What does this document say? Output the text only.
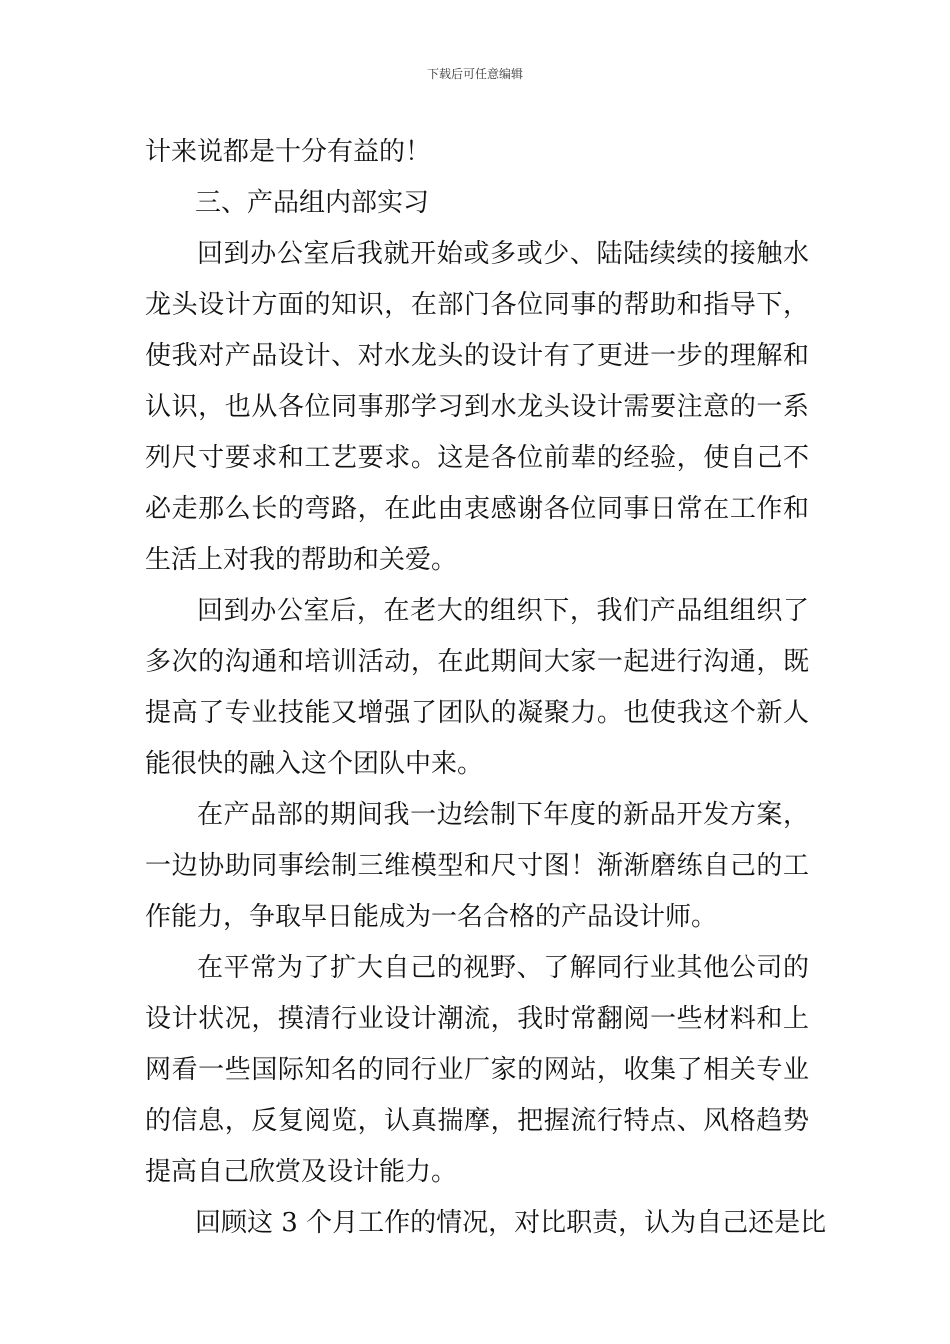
下载后可任意编辑
计来说都是十分有益的！
三、产品组内部实习
回到办公室后我就开始或多或少、陆陆续续的接触水
龙头设计方面的知识，在部门各位同事的帮助和指导下，
使我对产品设计、对水龙头的设计有了更进一步的理解和
认识，也从各位同事那学习到水龙头设计需要注意的一系
列尺寸要求和工艺要求。这是各位前辈的经验，使自己不
必走那么长的弯路，在此由衷感谢各位同事日常在工作和
生活上对我的帮助和关爱。
回到办公室后，在老大的组织下，我们产品组组织了
多次的沟通和培训活动，在此期间大家一起进行沟通，既
提高了专业技能又增强了团队的凝聚力。也使我这个新人
能很快的融入这个团队中来。
在产品部的期间我一边绘制下年度的新品开发方案，
一边协助同事绘制三维模型和尺寸图！渐渐磨练自己的工
作能力，争取早日能成为一名合格的产品设计师。
在平常为了扩大自己的视野、了解同行业其他公司的
设计状况，摸清行业设计潮流，我时常翻阅一些材料和上
网看一些国际知名的同行业厂家的网站，收集了相关专业
的信息，反复阅览，认真揣摩，把握流行特点、风格趋势
提高自己欣赏及设计能力。
回顾这 3 个月工作的情况，对比职责，认为自己还是比
